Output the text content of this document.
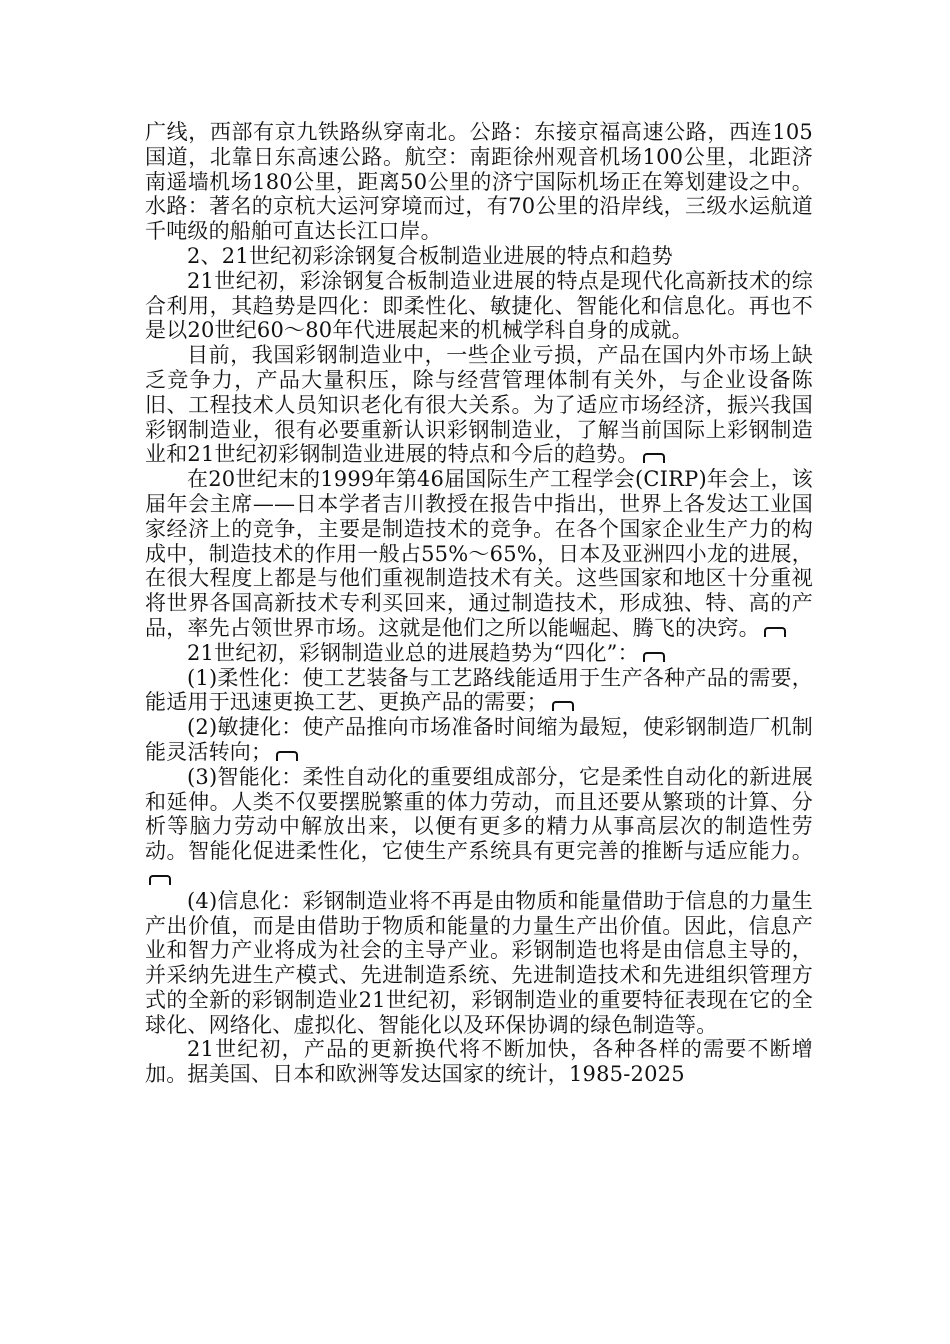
广线，西部有京九铁路纵穿南北。公路：东接京福高速公路，西连105国道，北靠日东高速公路。航空：南距徐州观音机场100公里，北距济南遥墙机场180公里，距离50公里的济宁国际机场正在筹划建设之中。水路：著名的京杭大运河穿境而过，有70公里的沿岸线，三级水运航道千吨级的船舶可直达长江口岸。

2、21世纪初彩涂钢复合板制造业进展的特点和趋势

21世纪初，彩涂钢复合板制造业进展的特点是现代化高新技术的综合利用，其趋势是四化：即柔性化、敏捷化、智能化和信息化。再也不是以20世纪60～80年代进展起来的机械学科自身的成就。

目前，我国彩钢制造业中，一些企业亏损，产品在国内外市场上缺乏竞争力，产品大量积压，除与经营管理体制有关外，与企业设备陈旧、工程技术人员知识老化有很大关系。为了适应市场经济，振兴我国彩钢制造业，很有必要重新认识彩钢制造业，了解当前国际上彩钢制造业和21世纪初彩钢制造业进展的特点和今后的趋势。

在20世纪末的1999年第46届国际生产工程学会(CIRP)年会上，该届年会主席——日本学者吉川教授在报告中指出，世界上各发达工业国家经济上的竞争，主要是制造技术的竞争。在各个国家企业生产力的构成中，制造技术的作用一般占55%～65%，日本及亚洲四小龙的进展，在很大程度上都是与他们重视制造技术有关。这些国家和地区十分重视将世界各国高新技术专利买回来，通过制造技术，形成独、特、高的产品，率先占领世界市场。这就是他们之所以能崛起、腾飞的决窍。

21世纪初，彩钢制造业总的进展趋势为“四化”：

(1)柔性化：使工艺装备与工艺路线能适用于生产各种产品的需要，能适用于迅速更换工艺、更换产品的需要；

(2)敏捷化：使产品推向市场准备时间缩为最短，使彩钢制造厂机制能灵活转向；

(3)智能化：柔性自动化的重要组成部分，它是柔性自动化的新进展和延伸。人类不仅要摆脱繁重的体力劳动，而且还要从繁琐的计算、分析等脑力劳动中解放出来，以便有更多的精力从事高层次的制造性劳动。智能化促进柔性化，它使生产系统具有更完善的推断与适应能力。

(4)信息化：彩钢制造业将不再是由物质和能量借助于信息的力量生产出价值，而是由借助于物质和能量的力量生产出价值。因此，信息产业和智力产业将成为社会的主导产业。彩钢制造也将是由信息主导的，并采纳先进生产模式、先进制造系统、先进制造技术和先进组织管理方式的全新的彩钢制造业21世纪初，彩钢制造业的重要特征表现在它的全球化、网络化、虚拟化、智能化以及环保协调的绿色制造等。

21世纪初，产品的更新换代将不断加快，各种各样的需要不断增加。据美国、日本和欧洲等发达国家的统计，1985-2025
